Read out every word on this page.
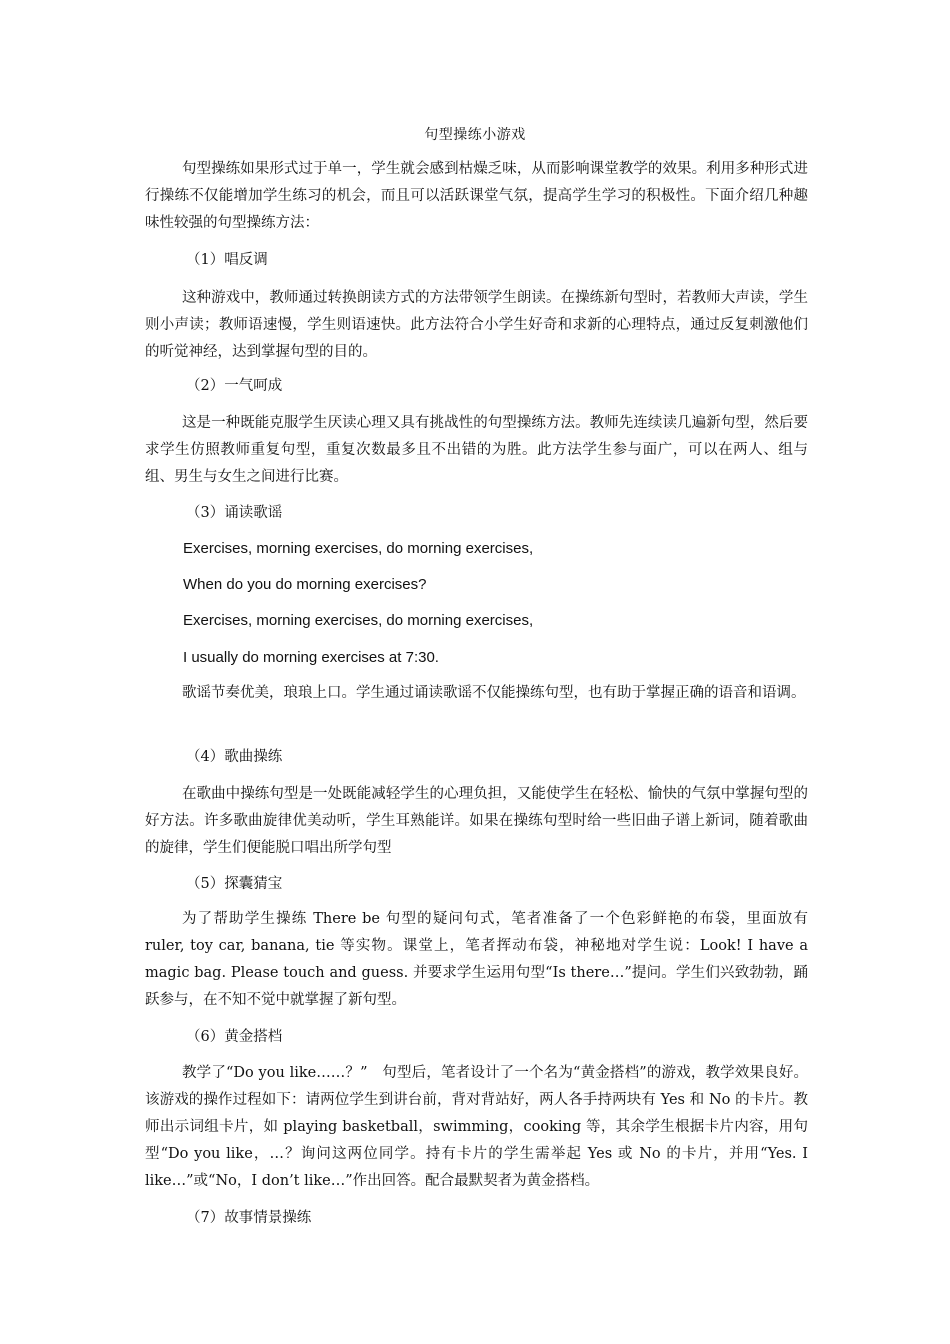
句型操练小游戏

句型操练如果形式过于单一，学生就会感到枯燥乏味，从而影响课堂教学的效果。利用多种形式进行操练不仅能增加学生练习的机会，而且可以活跃课堂气氛，提高学生学习的积极性。下面介绍几种趣味性较强的句型操练方法：

（1）唱反调

这种游戏中，教师通过转换朗读方式的方法带领学生朗读。在操练新句型时，若教师大声读，学生则小声读；教师语速慢，学生则语速快。此方法符合小学生好奇和求新的心理特点，通过反复刺激他们的听觉神经，达到掌握句型的目的。

（2）一气呵成

这是一种既能克服学生厌读心理又具有挑战性的句型操练方法。教师先连续读几遍新句型，然后要求学生仿照教师重复句型，重复次数最多且不出错的为胜。此方法学生参与面广，可以在两人、组与组、男生与女生之间进行比赛。

（3）诵读歌谣

Exercises, morning exercises, do morning exercises,

When do you do morning exercises?

Exercises, morning exercises, do morning exercises,

I usually do morning exercises at 7:30.

歌谣节奏优美，琅琅上口。学生通过诵读歌谣不仅能操练句型，也有助于掌握正确的语音和语调。

（4）歌曲操练

在歌曲中操练句型是一处既能减轻学生的心理负担，又能使学生在轻松、愉快的气氛中掌握句型的好方法。许多歌曲旋律优美动听，学生耳熟能详。如果在操练句型时给一些旧曲子谱上新词，随着歌曲的旋律，学生们便能脱口唱出所学句型

（5）探囊猜宝

为了帮助学生操练 There be 句型的疑问句式，笔者准备了一个色彩鲜艳的布袋，里面放有 ruler, toy car, banana, tie 等实物。课堂上，笔者挥动布袋，神秘地对学生说：Look! I have a magic bag. Please touch and guess. 并要求学生运用句型“Is there…”提问。学生们兴致勃勃，踊跃参与，在不知不觉中就掌握了新句型。

（6）黄金搭档

教学了“Do you like……？”　句型后，笔者设计了一个名为“黄金搭档”的游戏，教学效果良好。该游戏的操作过程如下：请两位学生到讲台前，背对背站好，两人各手持两块有 Yes 和 No 的卡片。教师出示词组卡片，如 playing basketball，swimming，cooking 等，其余学生根据卡片内容，用句型“Do you like，…？询问这两位同学。持有卡片的学生需举起 Yes 或 No 的卡片，并用“Yes. I like…”或“No，I don’t like…”作出回答。配合最默契者为黄金搭档。

（7）故事情景操练
